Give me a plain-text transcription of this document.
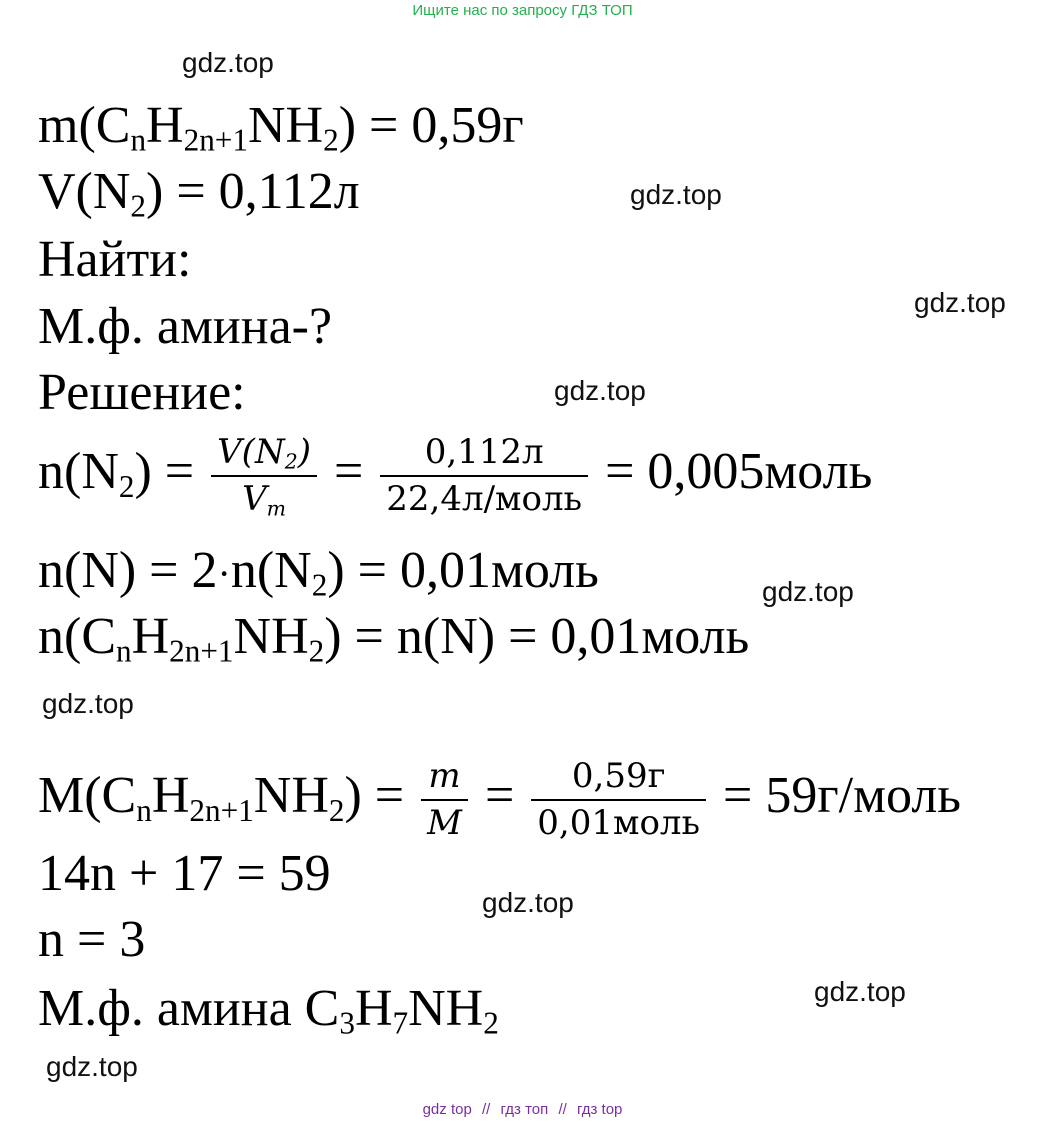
Ищите нас по запросу ГДЗ ТОП
gdz.top
gdz.top
gdz.top
gdz.top
gdz.top
gdz.top
gdz.top
gdz.top
gdz.top
$m(C_nH_{2n+1}NH_2) = 0,59г$
$V(N_2) = 0,112л$
Найти:
М.ф. амина-?
Решение:
$n(N_2) = \frac{V(N_2)}{V_m} = \frac{0,112л}{\text{22,4л/моль}}$ = 0,005моль
$n(N) = 2\cdot n(N_2)$ = 0,01моль
$n(C_nH_{2n+1}NH_2) = n(N)$ = 0,01моль
$M(C_nH_{2n+1}NH_2) = \frac{m}{M} = \frac{0,59г}{\text{0,01моль}}$ = 59г/моль
14n + 17 = 59
n = 3
М.ф. амина $C_3H_7NH_2$
gdz top // гдз топ // гдз top
